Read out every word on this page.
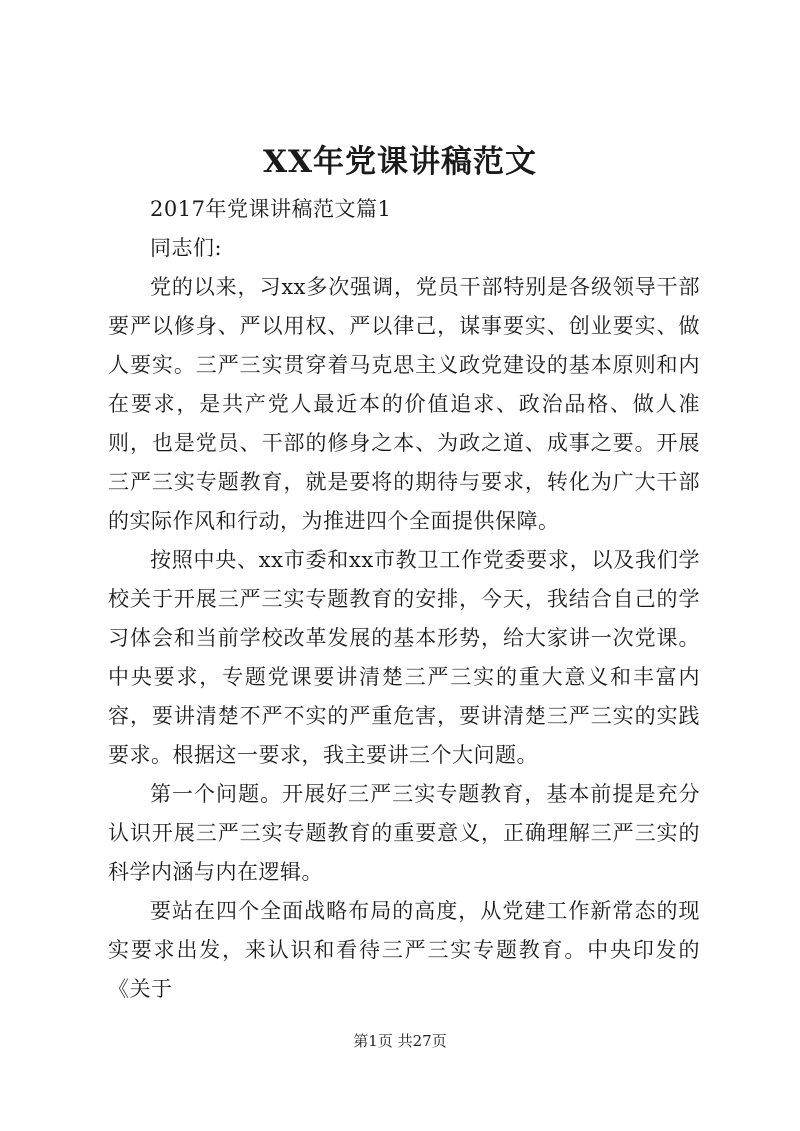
XX年党课讲稿范文

2017年党课讲稿范文篇1

同志们:

党的以来，习xx多次强调，党员干部特别是各级领导干部要严以修身、严以用权、严以律己，谋事要实、创业要实、做人要实。三严三实贯穿着马克思主义政党建设的基本原则和内在要求，是共产党人最近本的价值追求、政治品格、做人准则，也是党员、干部的修身之本、为政之道、成事之要。开展三严三实专题教育，就是要将的期待与要求，转化为广大干部的实际作风和行动，为推进四个全面提供保障。

按照中央、xx市委和xx市教卫工作党委要求，以及我们学校关于开展三严三实专题教育的安排，今天，我结合自己的学习体会和当前学校改革发展的基本形势，给大家讲一次党课。中央要求，专题党课要讲清楚三严三实的重大意义和丰富内容，要讲清楚不严不实的严重危害，要讲清楚三严三实的实践要求。根据这一要求，我主要讲三个大问题。

第一个问题。开展好三严三实专题教育，基本前提是充分认识开展三严三实专题教育的重要意义，正确理解三严三实的科学内涵与内在逻辑。

要站在四个全面战略布局的高度，从党建工作新常态的现实要求出发，来认识和看待三严三实专题教育。中央印发的《关于

第1页 共27页
